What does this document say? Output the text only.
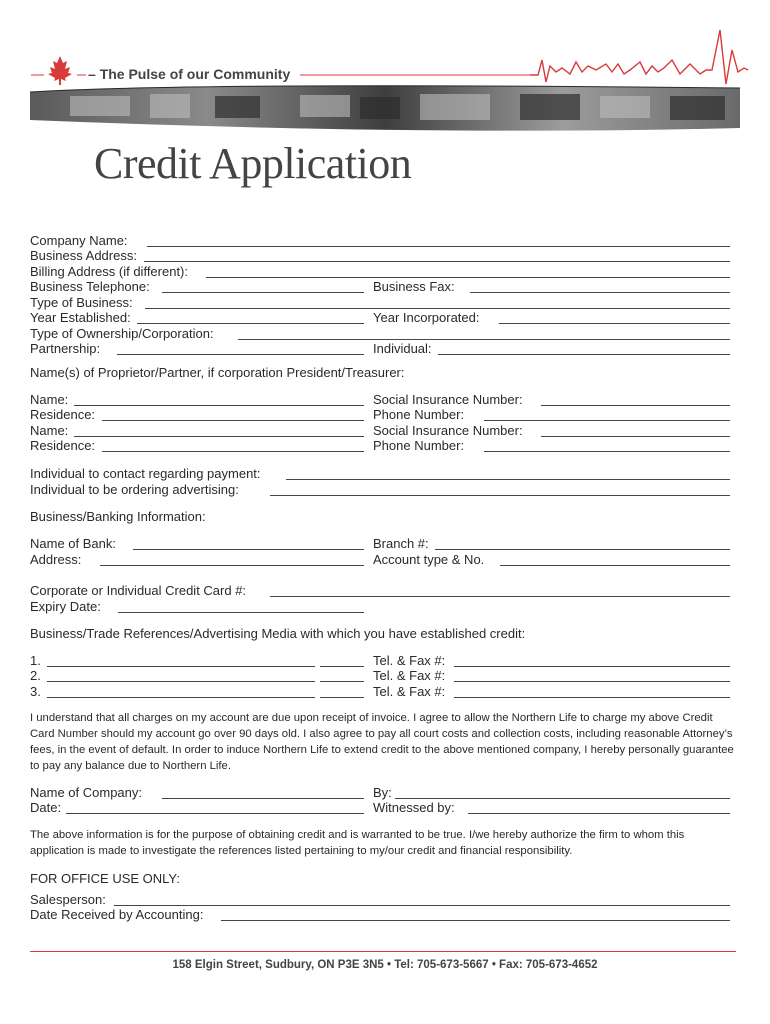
– The Pulse of our Community
Credit Application
Company Name:
Business Address:
Billing Address (if different):
Business Telephone:	Business Fax:
Type of Business:
Year Established:	Year Incorporated:
Type of Ownership/Corporation:
Partnership:	Individual:
Name(s) of Proprietor/Partner, if corporation President/Treasurer:
Name:	Social Insurance Number:
Residence:	Phone Number:
Name:	Social Insurance Number:
Residence:	Phone Number:
Individual to contact regarding payment:
Individual to be ordering advertising:
Business/Banking Information:
Name of Bank:	Branch #:
Address:	Account type & No.
Corporate or Individual Credit Card #:
Expiry Date:
Business/Trade References/Advertising Media with which you have established credit:
1.	Tel. & Fax #:
2.	Tel. & Fax #:
3.	Tel. & Fax #:
I understand that all charges on my account are due upon receipt of invoice. I agree to allow the Northern Life to charge my above Credit Card Number should my account go over 90 days old. I also agree to pay all court costs and collection costs, including reasonable Attorney’s fees, in the event of default. In order to induce Northern Life to extend credit to the above mentioned company, I hereby personally guarantee to pay any balance due to Northern Life.
Name of Company:	By:
Date:	Witnessed by:
The above information is for the purpose of obtaining credit and is warranted to be true. I/we hereby authorize the firm to whom this application is made to investigate the references listed pertaining to my/our credit and financial responsibility.
FOR OFFICE USE ONLY:
Salesperson:
Date Received by Accounting:
158 Elgin Street, Sudbury, ON P3E 3N5 • Tel: 705-673-5667 • Fax: 705-673-4652
